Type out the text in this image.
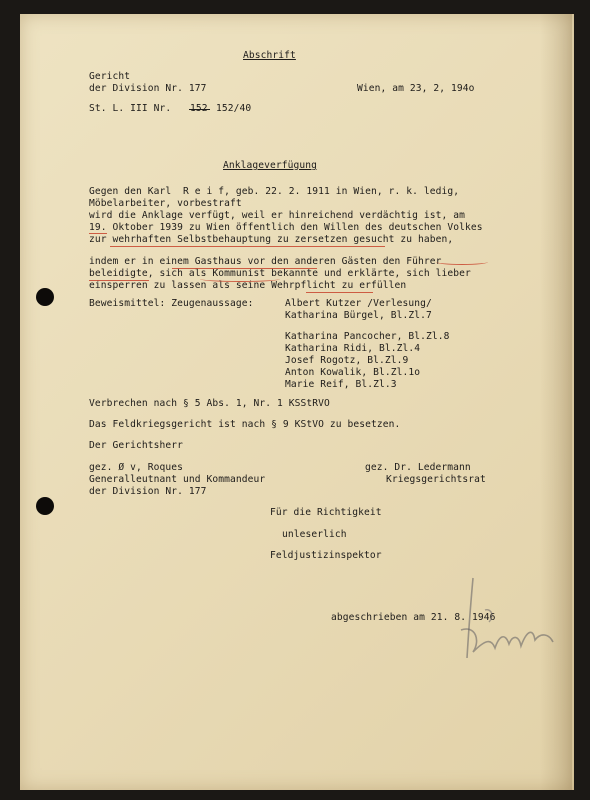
Abschrift
Gericht
der Division Nr. 177	Wien, am 23, 2, 194o
St. L. III Nr. 152 152/40
Anklageverfügung
Gegen den Karl  R e i f, geb. 22. 2. 1911 in Wien, r. k. ledig,
Möbelarbeiter, vorbestraft
wird die Anklage verfügt, weil er hinreichend verdächtig ist, am
19. Oktober 1939 zu Wien öffentlich den Willen des deutschen Volkes
zur wehrhaften Selbstbehauptung zu zersetzen gesucht zu haben,
indem er in einem Gasthaus vor den anderen Gästen den Führer
beleidigte, sich als Kommunist bekannte und erklärte, sich lieber
einsperren zu lassen als seine Wehrpflicht zu erfüllen
Beweismittel: Zeugenaussage:	Albert Kutzer /Verlesung/
Katharina Bürgel, Bl.Zl.7
Katharina Pancocher, Bl.Zl.8
Katharina Ridi, Bl.Zl.4
Josef Rogotz, Bl.Zl.9
Anton Kowalik, Bl.Zl.1o
Marie Reif, Bl.Zl.3
Verbrechen nach § 5 Abs. 1, Nr. 1 KSStRVO
Das Feldkriegsgericht ist nach § 9 KStVO zu besetzen.
Der Gerichtsherr
gez. Ø v, Roques
Generalleutnant und Kommandeur
der Division Nr. 177
gez. Dr. Ledermann
Kriegsgerichtsrat
Für die Richtigkeit
unleserlich
Feldjustizinspektor
abgeschrieben am 21. 8. 1946
